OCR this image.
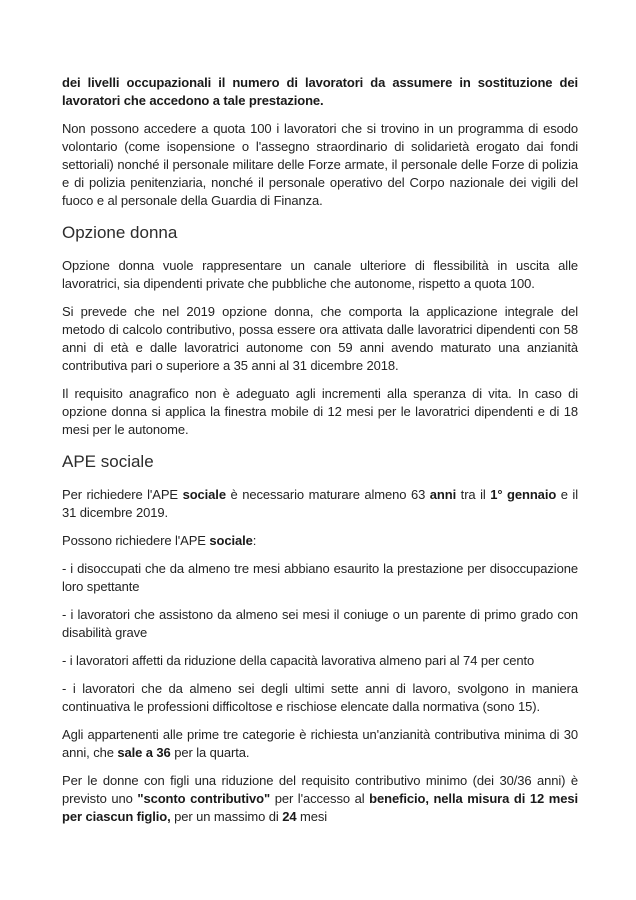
dei livelli occupazionali il numero di lavoratori da assumere in sostituzione dei lavoratori che accedono a tale prestazione.

Non possono accedere a quota 100 i lavoratori che si trovino in un programma di esodo volontario (come isopensione o l'assegno straordinario di solidarietà erogato dai fondi settoriali) nonché il personale militare delle Forze armate, il personale delle Forze di polizia e di polizia penitenziaria, nonché il personale operativo del Corpo nazionale dei vigili del fuoco e al personale della Guardia di Finanza.

Opzione donna

Opzione donna vuole rappresentare un canale ulteriore di flessibilità in uscita alle lavoratrici, sia dipendenti private che pubbliche che autonome, rispetto a quota 100.

Si prevede che nel 2019 opzione donna, che comporta la applicazione integrale del metodo di calcolo contributivo, possa essere ora attivata dalle lavoratrici dipendenti con 58 anni di età e dalle lavoratrici autonome con 59 anni avendo maturato una anzianità contributiva pari o superiore a 35 anni al 31 dicembre 2018.

Il requisito anagrafico non è adeguato agli incrementi alla speranza di vita. In caso di opzione donna si applica la finestra mobile di 12 mesi per le lavoratrici dipendenti e di 18 mesi per le autonome.

APE sociale

Per richiedere l'APE sociale è necessario maturare almeno 63 anni tra il 1° gennaio e il 31 dicembre 2019.

Possono richiedere l'APE sociale:

- i disoccupati che da almeno tre mesi abbiano esaurito la prestazione per disoccupazione loro spettante

- i lavoratori che assistono da almeno sei mesi il coniuge o un parente di primo grado con disabilità grave

- i lavoratori affetti da riduzione della capacità lavorativa almeno pari al 74 per cento

- i lavoratori che da almeno sei degli ultimi sette anni di lavoro, svolgono in maniera continuativa le professioni difficoltose e rischiose elencate dalla normativa (sono 15).

Agli appartenenti alle prime tre categorie è richiesta un'anzianità contributiva minima di 30 anni, che sale a 36 per la quarta.

Per le donne con figli una riduzione del requisito contributivo minimo (dei 30/36 anni) è previsto uno "sconto contributivo" per l'accesso al beneficio, nella misura di 12 mesi per ciascun figlio, per un massimo di 24 mesi
